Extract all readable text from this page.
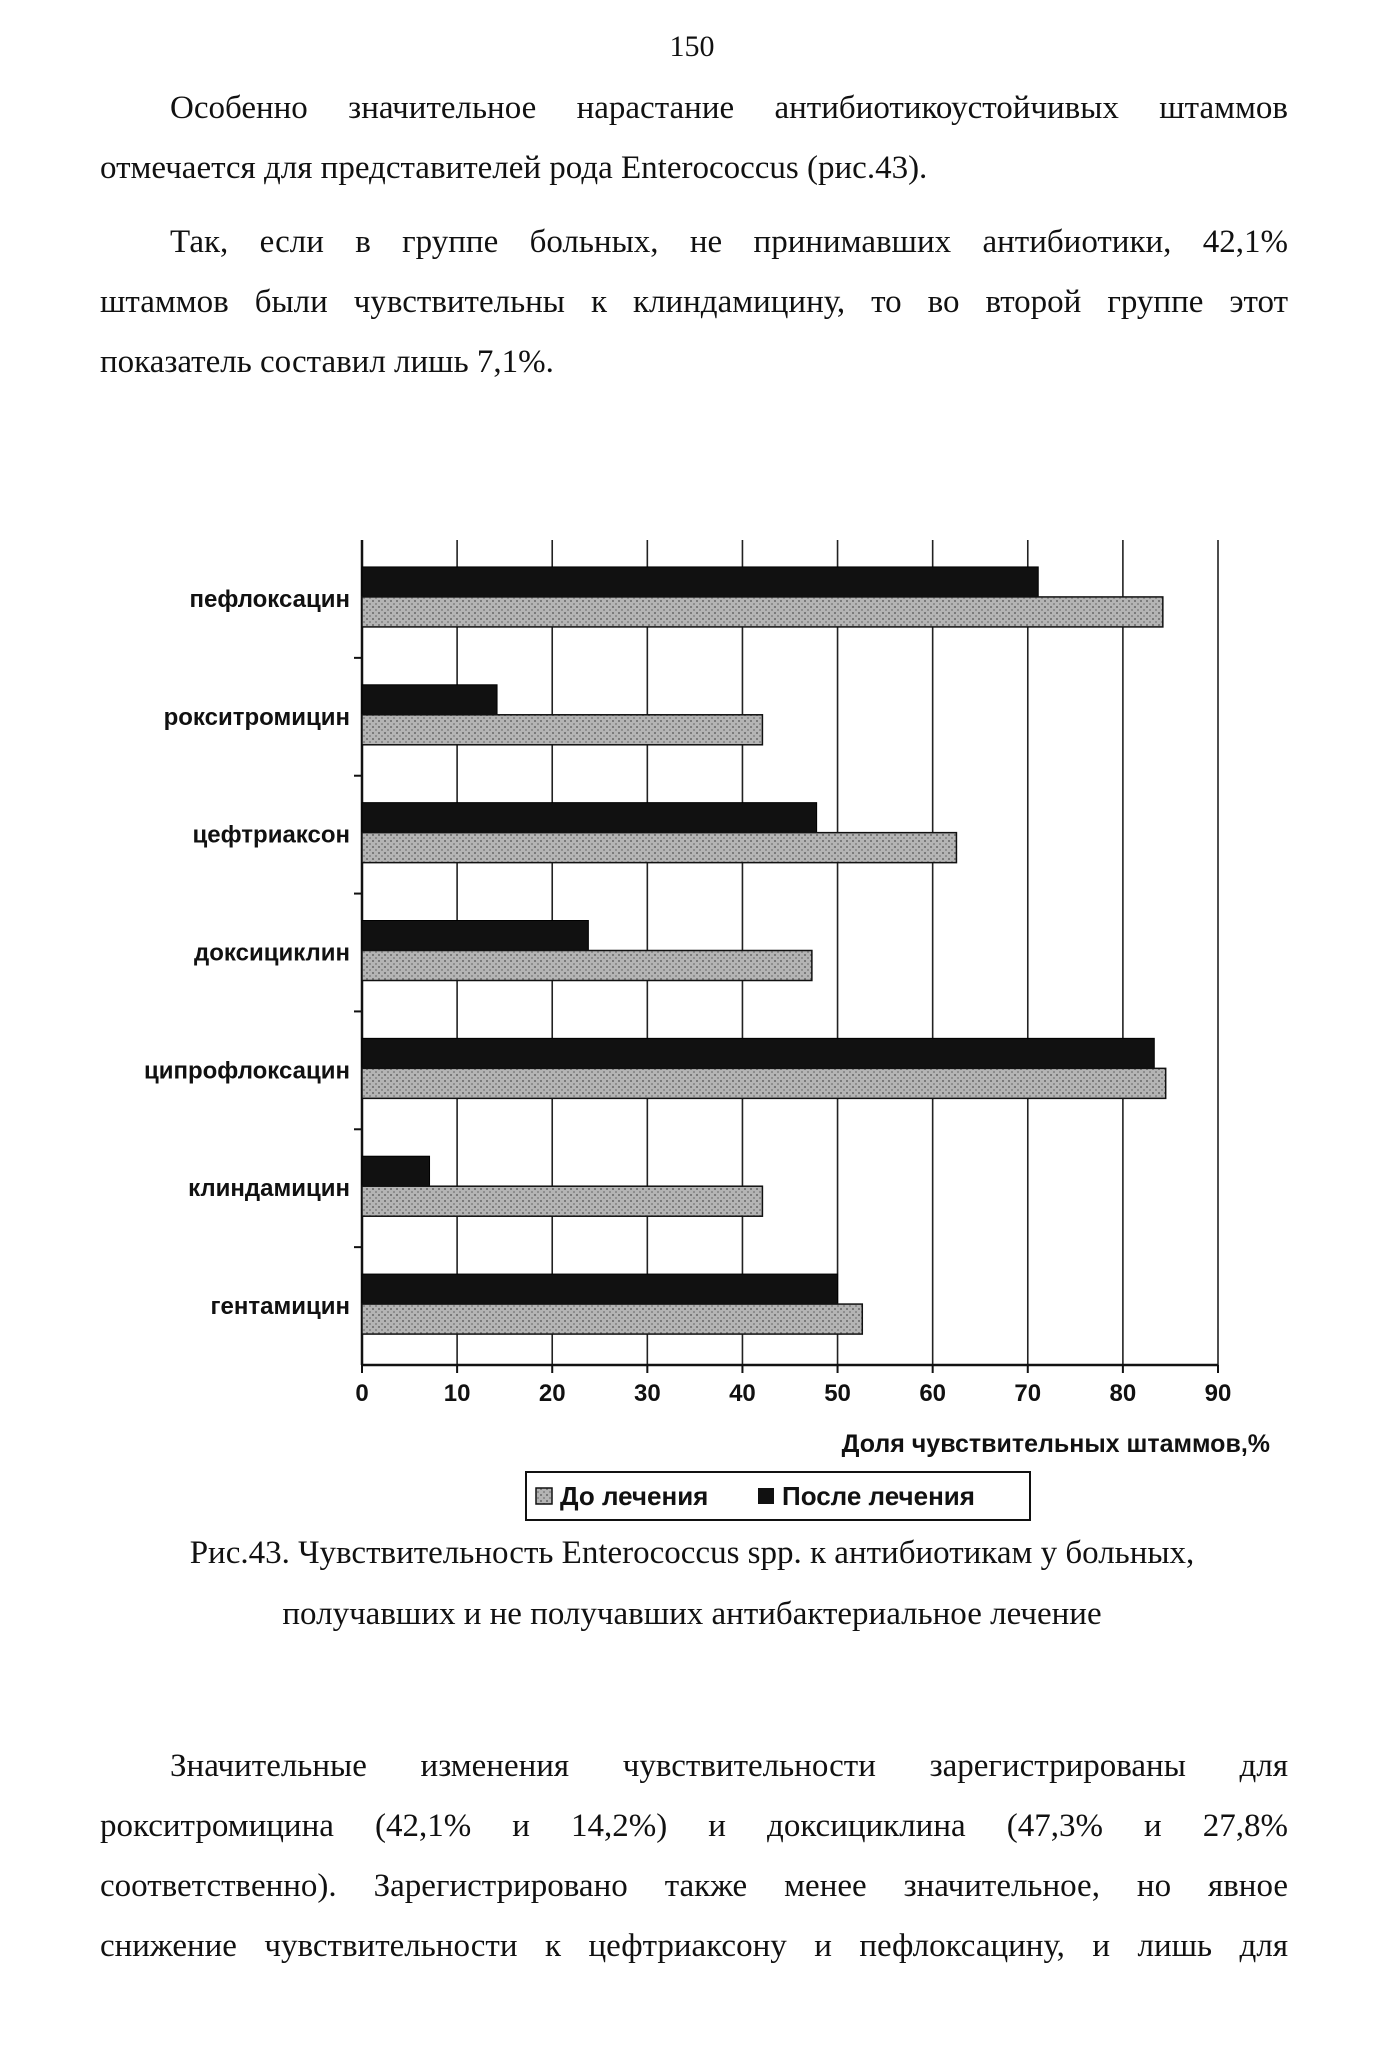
150
Особенно значительное нарастание антибиотикоустойчивых штаммов
отмечается для представителей рода Enterococcus (рис.43).
Так, если в группе больных, не принимавших антибиотики, 42,1%
штаммов были чувствительны к клиндамицину, то во второй группе этот
показатель составил лишь 7,1%.
0	10	20	30	40	50	60	70	80	90
пефлоксацин
рокситромицин
цефтриаксон
доксициклин
ципрофлоксацин
клиндамицин
гентамицин
Доля чувствительных штаммов,%
До лечения	После лечения
Рис.43. Чувствительность Enterococcus spp. к антибиотикам у больных,
получавших и не получавших антибактериальное лечение
Значительные изменения чувствительности зарегистрированы для
рокситромицина (42,1% и 14,2%) и доксициклина (47,3% и 27,8%
соответственно). Зарегистрировано также менее значительное, но явное
снижение чувствительности к цефтриаксону и пефлоксацину, и лишь для
